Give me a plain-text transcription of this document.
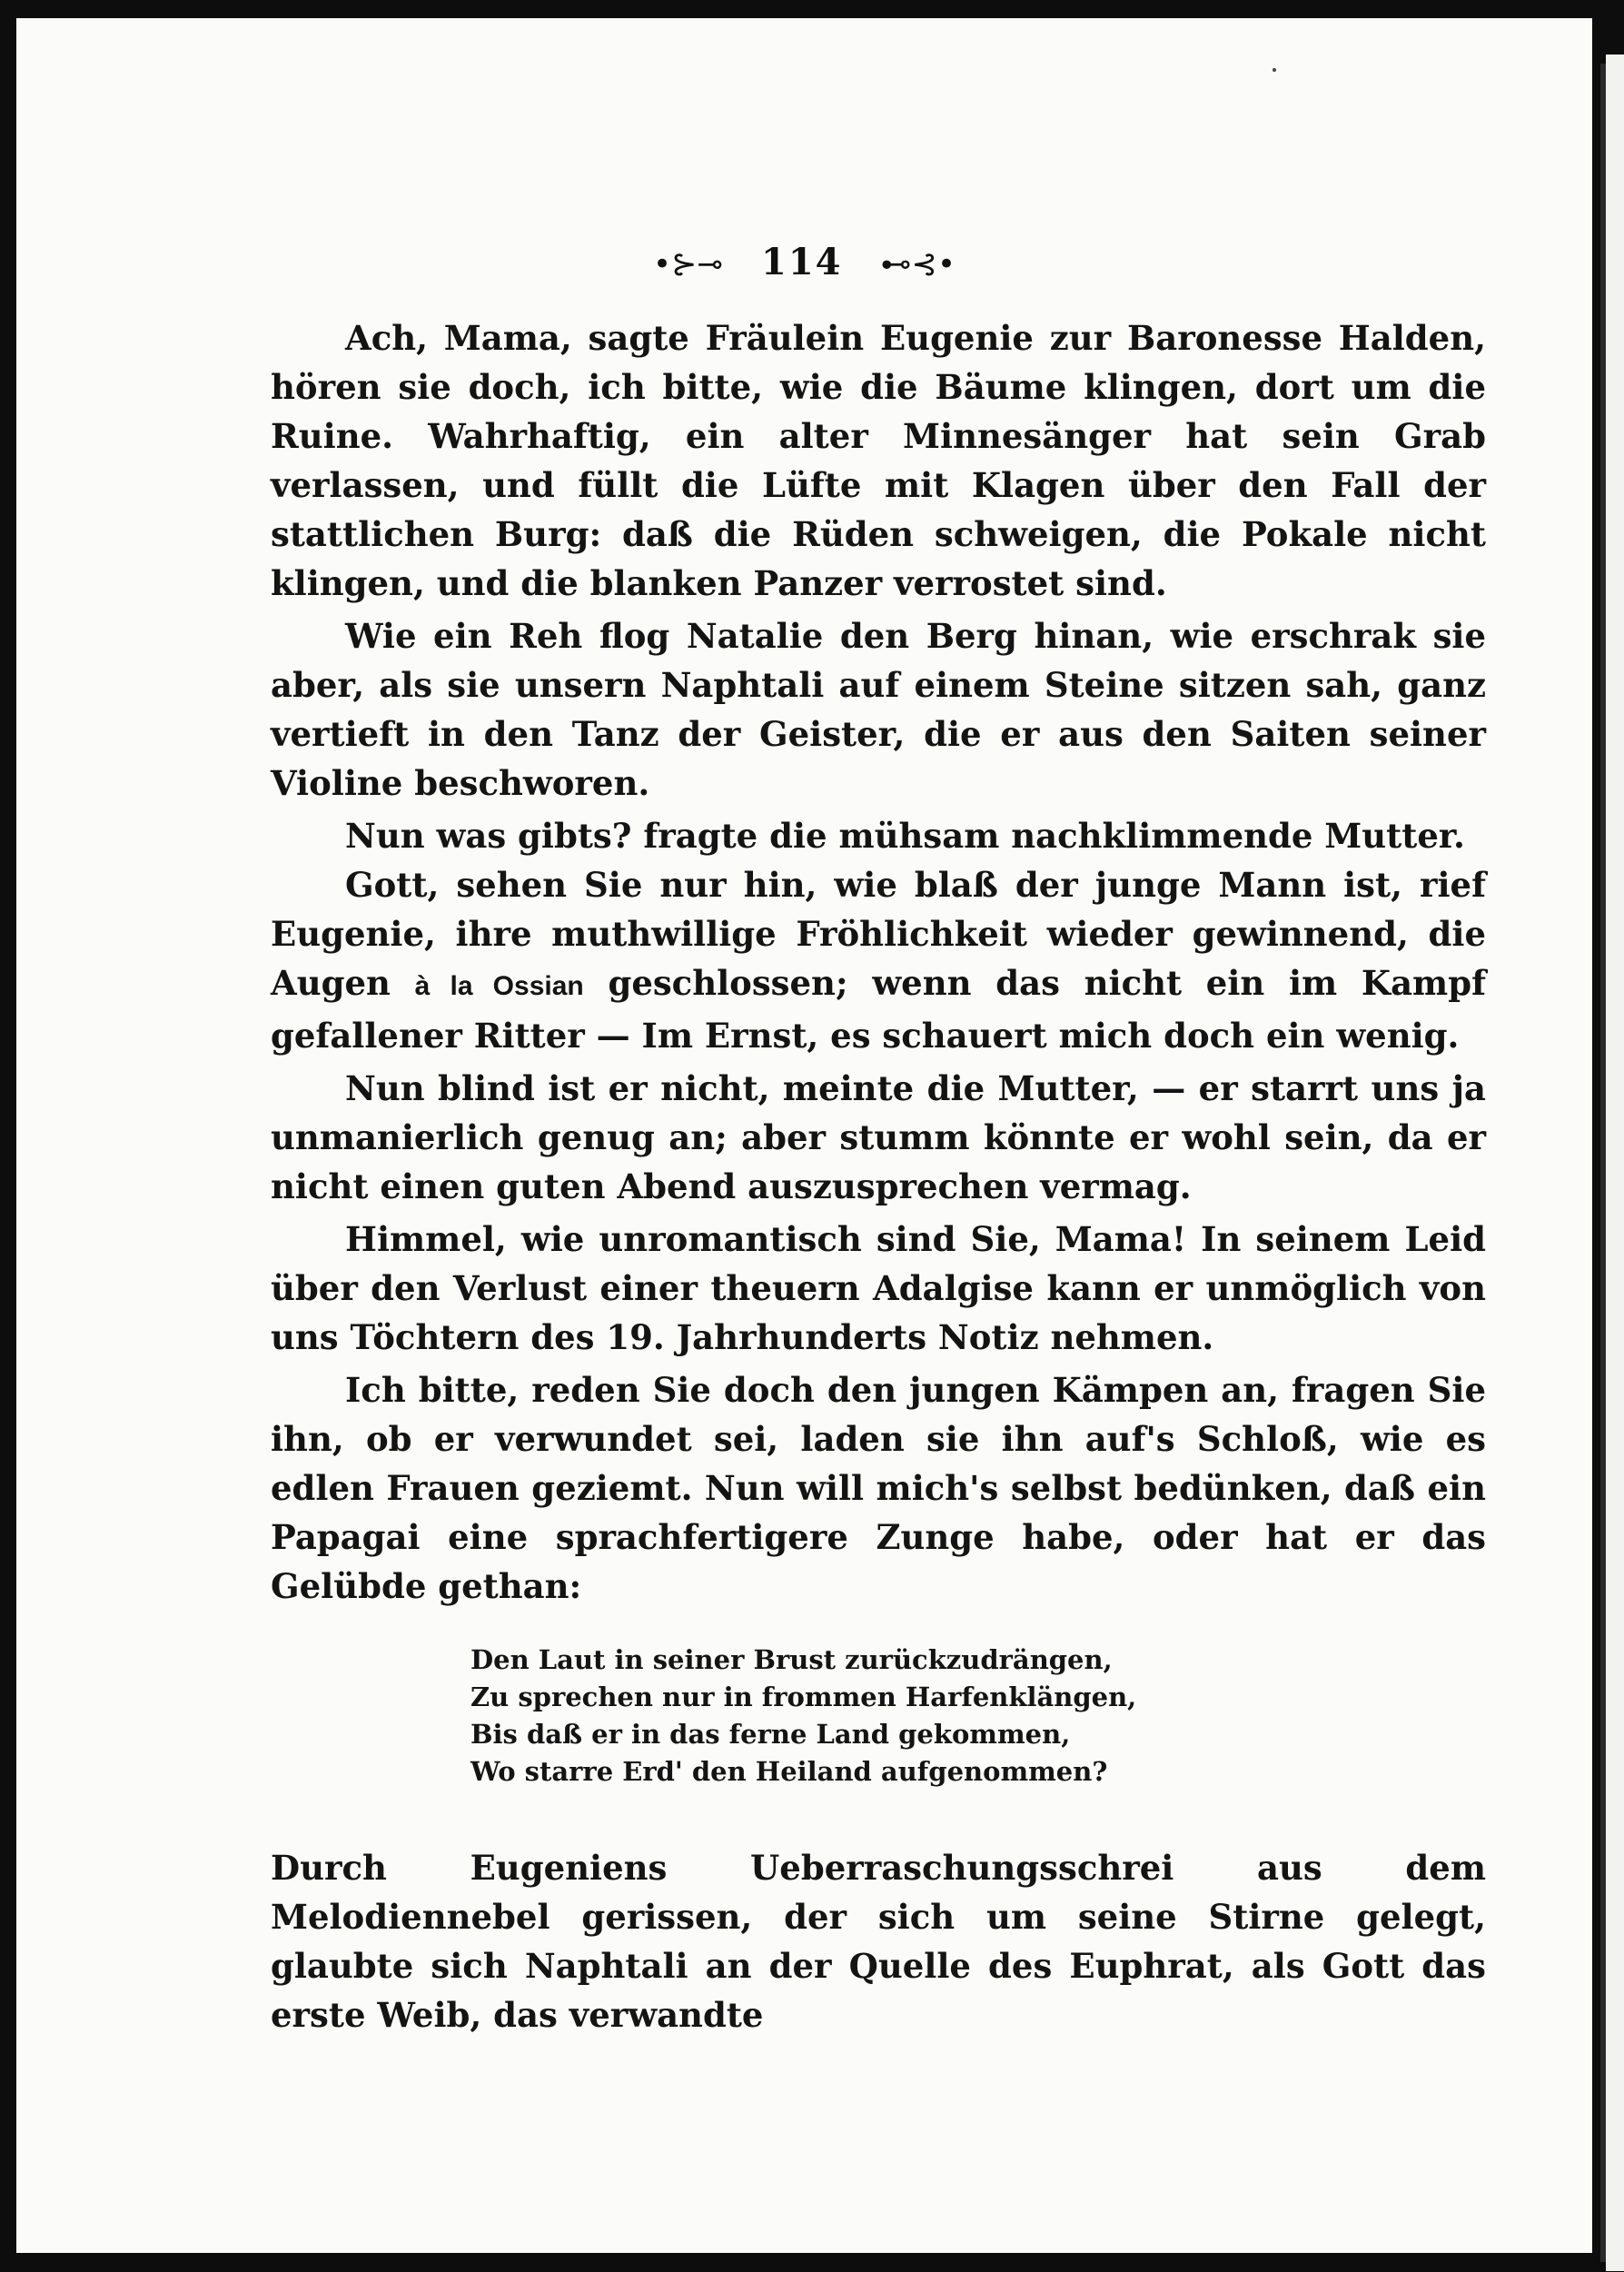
•⊱⊸ 114 ⊷⊰•

Ach, Mama, sagte Fräulein Eugenie zur Baronesse Halden, hören sie doch, ich bitte, wie die Bäume klingen, dort um die Ruine. Wahrhaftig, ein alter Minnesänger hat sein Grab verlassen, und füllt die Lüfte mit Klagen über den Fall der stattlichen Burg: daß die Rüden schweigen, die Pokale nicht klingen, und die blanken Panzer verrostet sind.

Wie ein Reh flog Natalie den Berg hinan, wie erschrak sie aber, als sie unsern Naphtali auf einem Steine sitzen sah, ganz vertieft in den Tanz der Geister, die er aus den Saiten seiner Violine beschworen.

Nun was gibts? fragte die mühsam nachklimmende Mutter.

Gott, sehen Sie nur hin, wie blaß der junge Mann ist, rief Eugenie, ihre muthwillige Fröhlichkeit wieder gewinnend, die Augen à la Ossian geschlossen; wenn das nicht ein im Kampf gefallener Ritter — Im Ernst, es schauert mich doch ein wenig.

Nun blind ist er nicht, meinte die Mutter, — er starrt uns ja unmanierlich genug an; aber stumm könnte er wohl sein, da er nicht einen guten Abend auszusprechen vermag.

Himmel, wie unromantisch sind Sie, Mama! In seinem Leid über den Verlust einer theuern Adalgise kann er unmöglich von uns Töchtern des 19. Jahrhunderts Notiz nehmen.

Ich bitte, reden Sie doch den jungen Kämpen an, fragen Sie ihn, ob er verwundet sei, laden sie ihn auf's Schloß, wie es edlen Frauen geziemt. Nun will mich's selbst bedünken, daß ein Papagai eine sprachfertigere Zunge habe, oder hat er das Gelübde gethan:

Den Laut in seiner Brust zurückzudrängen,
Zu sprechen nur in frommen Harfenklängen,
Bis daß er in das ferne Land gekommen,
Wo starre Erd' den Heiland aufgenommen?

Durch Eugeniens Ueberraschungsschrei aus dem Melodiennebel gerissen, der sich um seine Stirne gelegt, glaubte sich Naphtali an der Quelle des Euphrat, als Gott das erste Weib, das verwandte
